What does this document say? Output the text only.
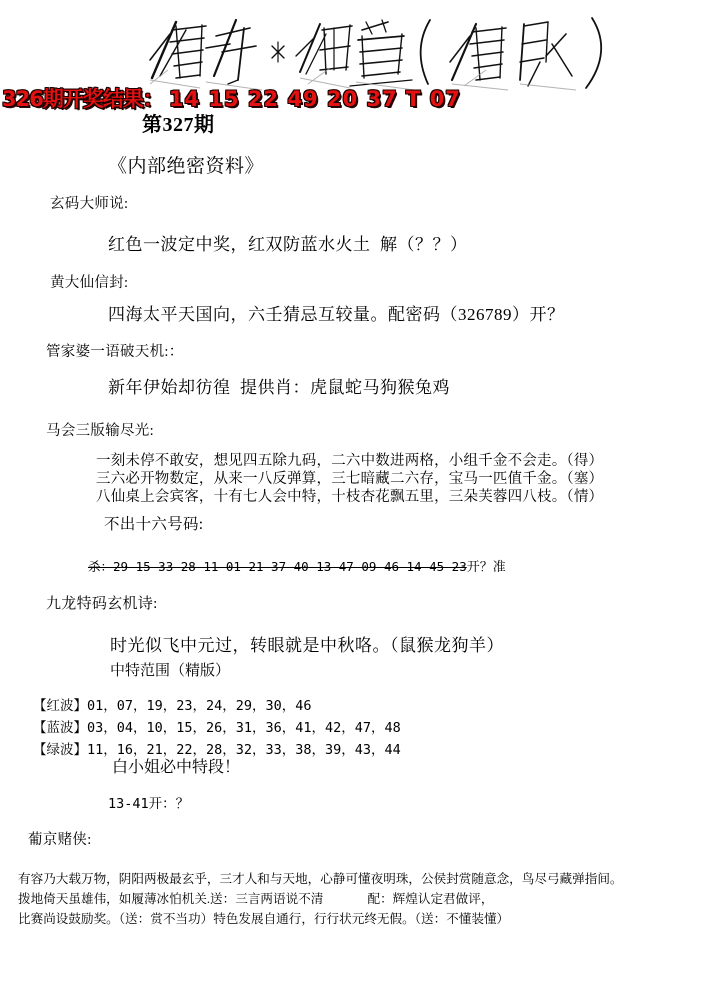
326期开奖结果： 14 15 22 49 20 37 T 07
第327期
《内部绝密资料》
玄码大师说:
红色一波定中奖，红双防蓝水火土  解（？？）
黄大仙信封:
四海太平天国向，六壬猜忌互较量。配密码（326789）开？
管家婆一语破天机:：
新年伊始却彷徨  提供肖：虎鼠蛇马狗猴兔鸡
马会三版输尽光:
一刻未停不敢安，想见四五除九码，二六中数进两格，小组千金不会走。（得）
三六必开物数定，从来一八反弹算，三七暗藏二六存，宝马一匹值千金。（塞）
八仙桌上会宾客，十有七人会中特，十枝杏花飘五里，三朵芙蓉四八枝。（情）
不出十六号码:
杀：29 15 33 28 11 01 21 37 40 13 47 09 46 14 45 23开？准
九龙特码玄机诗:
时光似飞中元过，转眼就是中秋咯。（鼠猴龙狗羊）
中特范围（精版）
【红波】01，07，19，23，24，29，30，46
【蓝波】03，04，10，15，26，31，36，41，42，47，48
【绿波】11，16，21，22，28，32，33，38，39，43，44
白小姐必中特段！
13-41开：？
葡京赌侠:
有容乃大载万物，阴阳两极最玄乎，三才人和与天地，心静可懂夜明珠，公侯封赏随意念，鸟尽弓藏弹指间。
拨地倚天虽雄伟，如履薄冰怕机关.送：三言两语说不清              配：辉煌认定君做评，
比赛尚设鼓励奖。（送：赏不当功）特色发展自通行，行行状元终无假。（送：不懂装懂）
